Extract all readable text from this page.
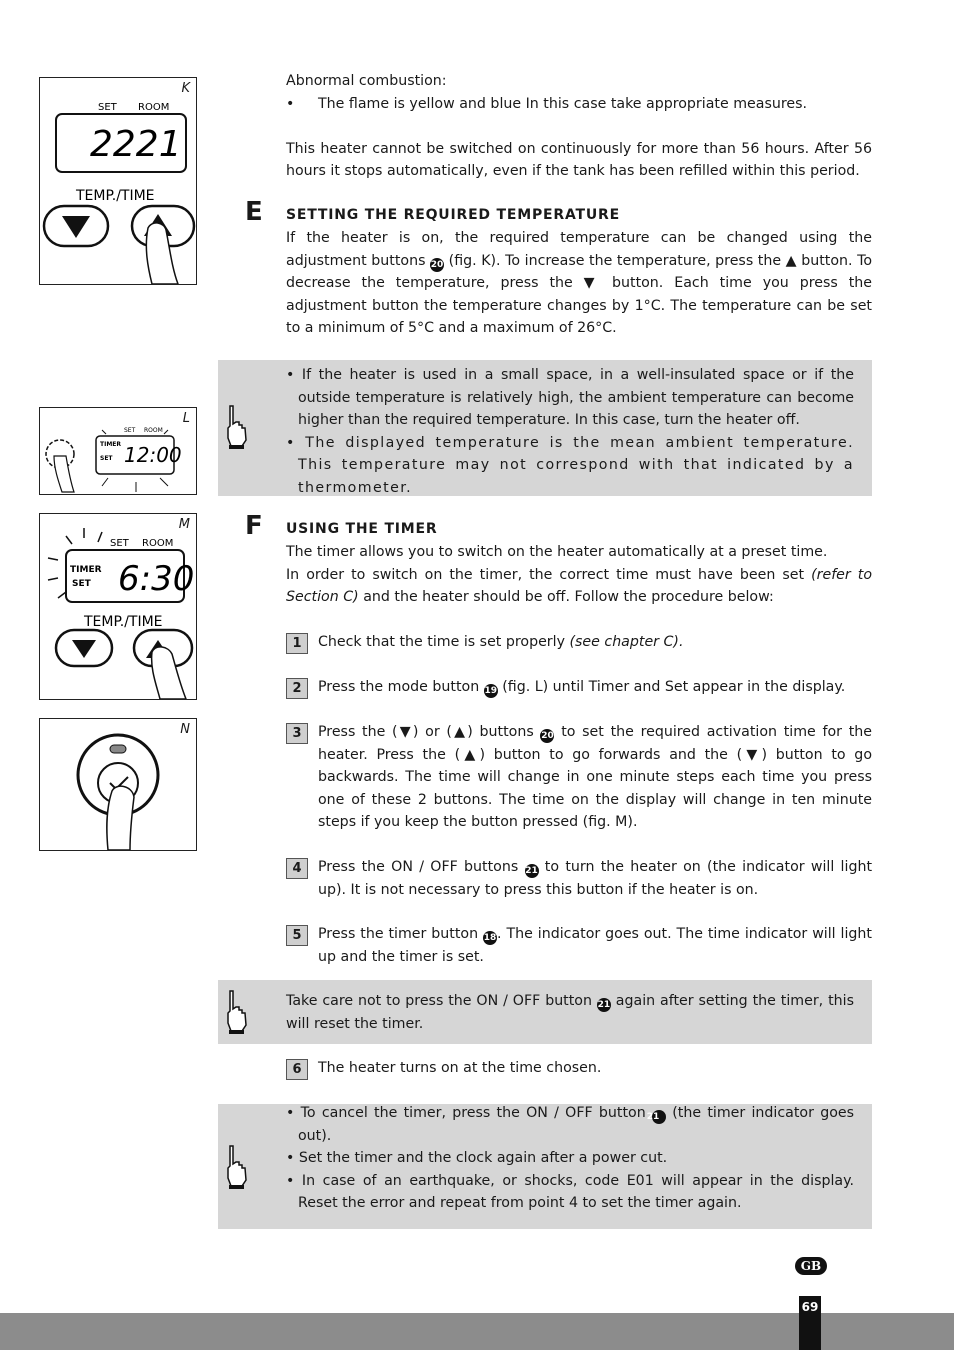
Abnormal combustion:

• The flame is yellow and blue In this case take appropriate measures.

This heater cannot be switched on continuously for more than 56 hours. After 56 hours it stops automatically, even if the tank has been refilled within this period.

E SETTING THE REQUIRED TEMPERATURE
If the heater is on, the required temperature can be changed using the adjustment buttons 20 (fig. K). To increase the temperature, press the ▲ button. To decrease the temperature, press the ▼ button. Each time you press the adjustment button the temperature changes by 1°C. The temperature can be set to a minimum of 5°C and a maximum of 26°C.
• If the heater is used in a small space, in a well-insulated space or if the outside temperature is relatively high, the ambient temperature can become higher than the required temperature. In this case, turn the heater off.
• The displayed temperature is the mean ambient temperature. This temperature may not correspond with that indicated by a thermometer.
F USING THE TIMER

The timer allows you to switch on the heater automatically at a preset time.

In order to switch on the timer, the correct time must have been set (refer to Section C) and the heater should be off. Follow the procedure below:

1	Check that the time is set properly (see chapter C).
2	Press the mode button 19 (fig. L) until Timer and Set appear in the display.
3	Press the (▼) or (▲) buttons 20 to set the required activation time for the heater. Press the (▲) button to go forwards and the (▼) button to go backwards. The time will change in one minute steps each time you press one of these 2 buttons. The time on the display will change in ten minute steps if you keep the button pressed (fig. M).
4	Press the ON / OFF buttons 21 to turn the heater on (the indicator will light up). It is not necessary to press this button if the heater is on.
5	Press the timer button 18. The indicator goes out. The time indicator will light up and the timer is set.
Take care not to press the ON / OFF button 21 again after setting the timer, this will reset the timer.
6	The heater turns on at the time chosen.
• To cancel the timer, press the ON / OFF button 21 (the timer indicator goes out).
• Set the timer and the clock again after a power cut.
• In case of an earthquake, or shocks, code E01 will appear in the display. Reset the error and repeat from point 4 to set the timer again.
K
SET ROOM
2221
TEMP./TIME
L
SET ROOM
TIMER
SET 12:00
M
SET ROOM
TIMER
SET 6:30
TEMP./TIME
N
GB
69
